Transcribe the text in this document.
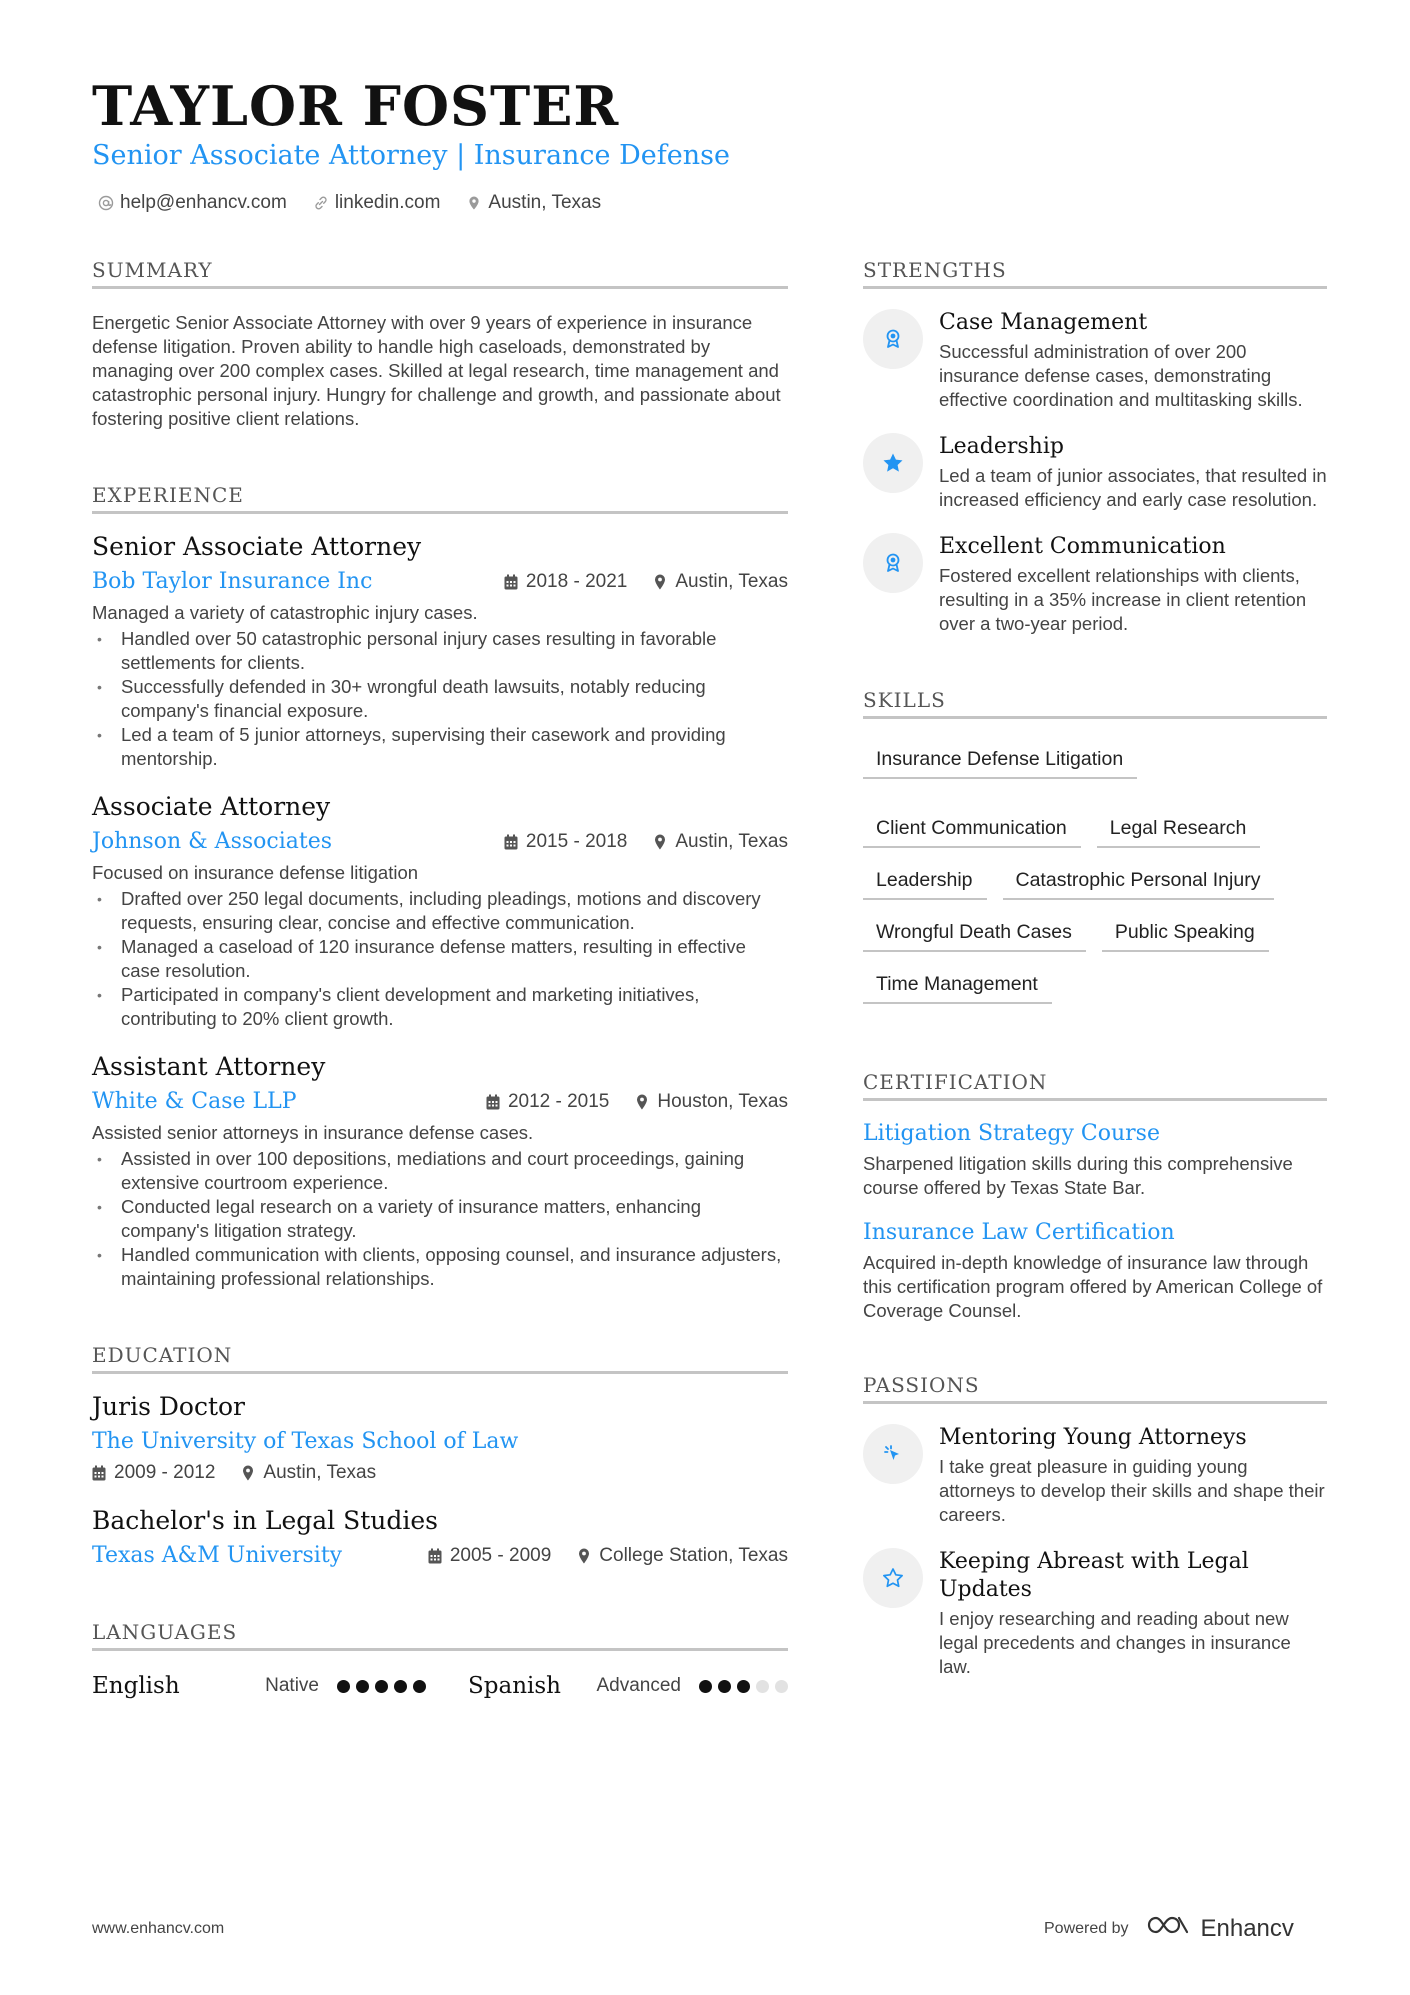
TAYLOR FOSTER
Senior Associate Attorney | Insurance Defense
help@enhancv.com	linkedin.com	Austin, Texas
SUMMARY

Energetic Senior Associate Attorney with over 9 years of experience in insurance defense litigation. Proven ability to handle high caseloads, demonstrated by managing over 200 complex cases. Skilled at legal research, time management and catastrophic personal injury. Hungry for challenge and growth, and passionate about fostering positive client relations.

EXPERIENCE
Senior Associate Attorney
Bob Taylor Insurance Inc	2018 - 2021	Austin, Texas
Managed a variety of catastrophic injury cases.
• Handled over 50 catastrophic personal injury cases resulting in favorable settlements for clients.
• Successfully defended in 30+ wrongful death lawsuits, notably reducing company's financial exposure.
• Led a team of 5 junior attorneys, supervising their casework and providing mentorship.
Associate Attorney
Johnson & Associates	2015 - 2018	Austin, Texas
Focused on insurance defense litigation
• Drafted over 250 legal documents, including pleadings, motions and discovery requests, ensuring clear, concise and effective communication.
• Managed a caseload of 120 insurance defense matters, resulting in effective case resolution.
• Participated in company's client development and marketing initiatives, contributing to 20% client growth.
Assistant Attorney
White & Case LLP	2012 - 2015	Houston, Texas
Assisted senior attorneys in insurance defense cases.
• Assisted in over 100 depositions, mediations and court proceedings, gaining extensive courtroom experience.
• Conducted legal research on a variety of insurance matters, enhancing company's litigation strategy.
• Handled communication with clients, opposing counsel, and insurance adjusters, maintaining professional relationships.
EDUCATION
Juris Doctor
The University of Texas School of Law
2009 - 2012	Austin, Texas
Bachelor's in Legal Studies
Texas A&M University	2005 - 2009	College Station, Texas
LANGUAGES
English	Native	Spanish Advanced
STRENGTHS
Case Management
Successful administration of over 200 insurance defense cases, demonstrating effective coordination and multitasking skills.
Leadership
Led a team of junior associates, that resulted in increased efficiency and early case resolution.
Excellent Communication
Fostered excellent relationships with clients, resulting in a 35% increase in client retention over a two-year period.
SKILLS
Insurance Defense Litigation
Client Communication	Legal Research
Leadership	Catastrophic Personal Injury
Wrongful Death Cases	Public Speaking
Time Management
CERTIFICATION
Litigation Strategy Course
Sharpened litigation skills during this comprehensive course offered by Texas State Bar.
Insurance Law Certification
Acquired in-depth knowledge of insurance law through this certification program offered by American College of Coverage Counsel.
PASSIONS
Mentoring Young Attorneys
I take great pleasure in guiding young attorneys to develop their skills and shape their careers.
Keeping Abreast with Legal Updates
I enjoy researching and reading about new legal precedents and changes in insurance law.
www.enhancv.com	Powered by	Enhancv
